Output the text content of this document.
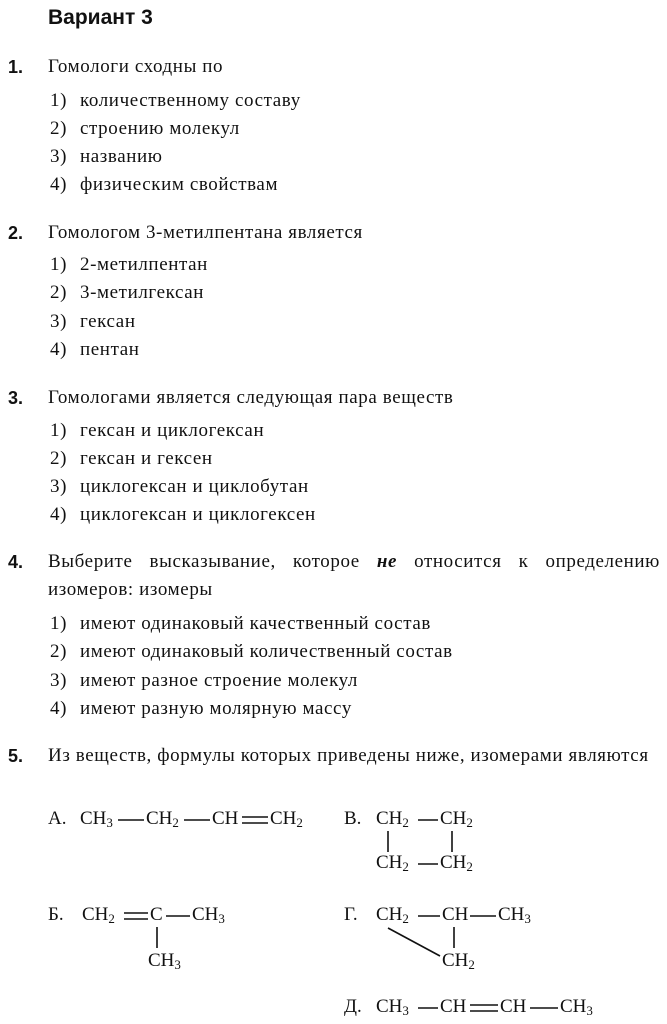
Вариант 3
1. Гомологи сходны по
1) количественному составу
2) строению молекул
3) названию
4) физическим свойствам
2. Гомологом 3-метилпентана является
1) 2-метилпентан
2) 3-метилгексан
3) гексан
4) пентан
3. Гомологами является следующая пара веществ
1) гексан и циклогексан
2) гексан и гексен
3) циклогексан и циклобутан
4) циклогексан и циклогексен
4. Выберите высказывание, которое не относится к определению изомеров: изомеры
1) имеют одинаковый качественный состав
2) имеют одинаковый количественный состав
3) имеют разное строение молекул
4) имеют разную молярную массу
5. Из веществ, формулы которых приведены ниже, изомерами являются
А. $CH_3$ $CH_2$ CH $CH_2$ В. $CH_2$ $CH_2$
$CH_2$ $CH_2$
Б. $CH_2$ C $CH_3$
$CH_3$
Г. $CH_2$ CH $CH_3$
$CH_2$
Д. $CH_3$ CH CH $CH_3$
